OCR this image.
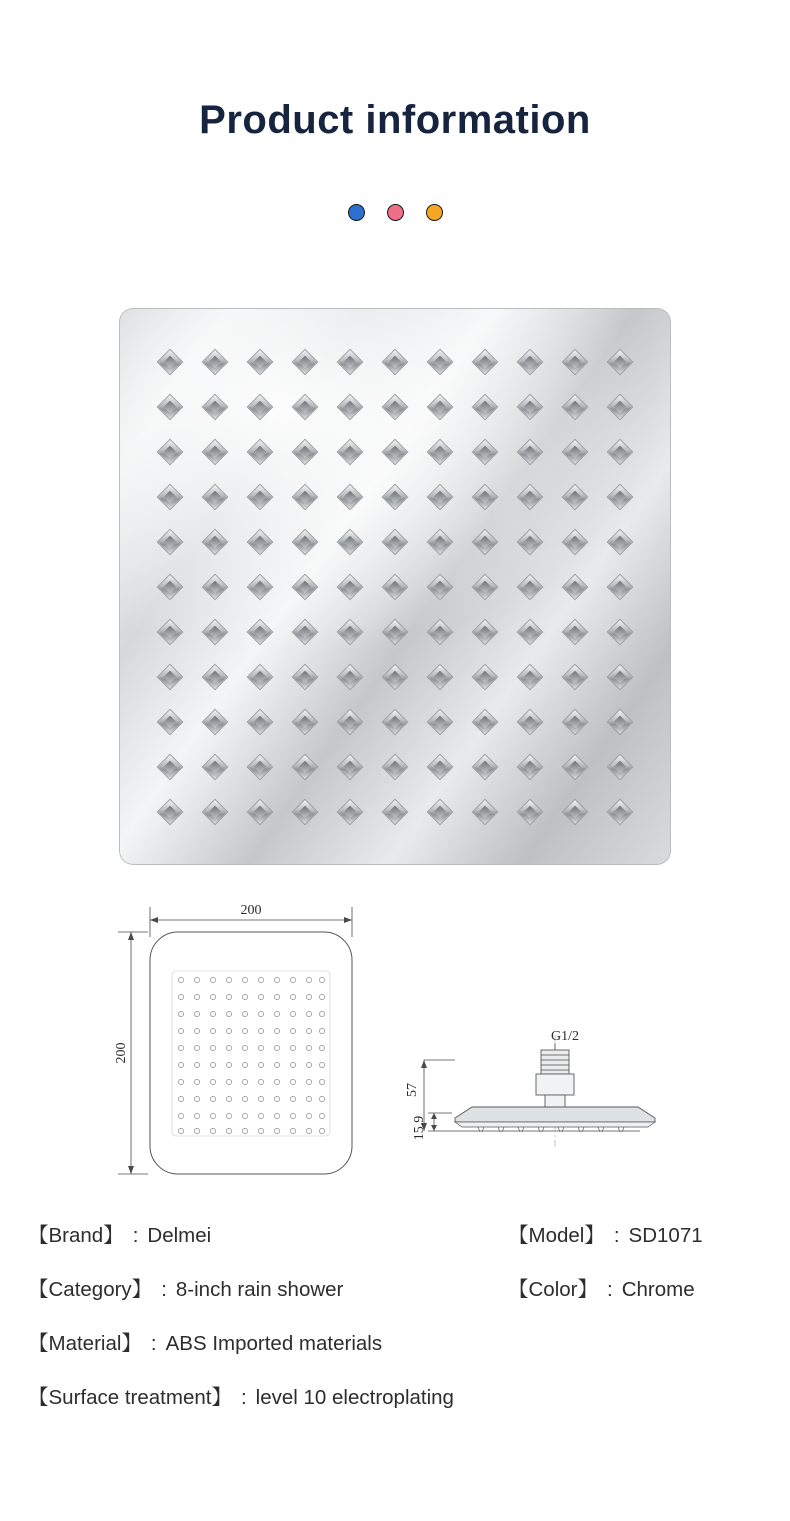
Product information
200
200
G1/2
57
15.9
【Brand】 : Delmei	【Model】 : SD1071
【Category】 : 8-inch rain shower	【Color】 : Chrome
【Material】 : ABS Imported materials
【Surface treatment】 : level 10 electroplating
